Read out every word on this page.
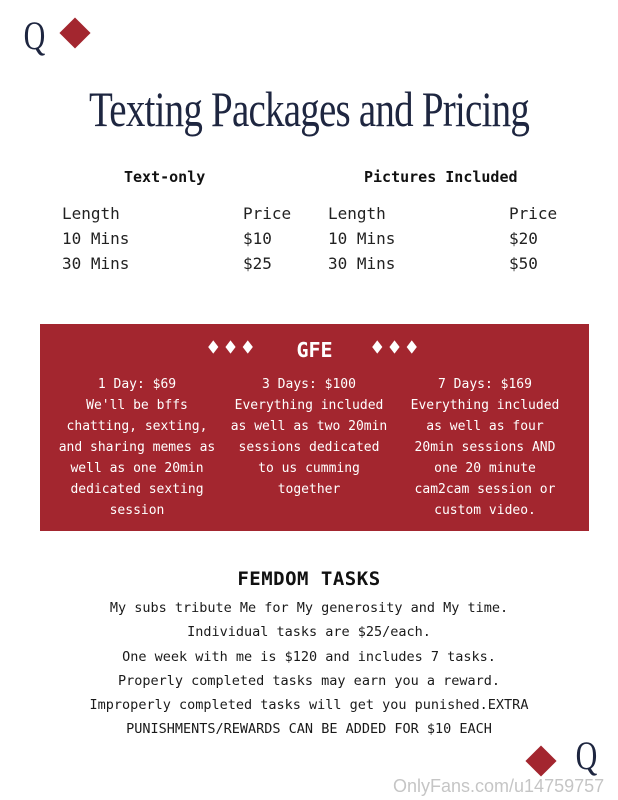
Q
Texting Packages and Pricing
Text-only
Length	Price
10 Mins	$10
30 Mins	$25
Pictures Included
Length	Price
10 Mins	$20
30 Mins	$50
♦♦♦ GFE ♦♦♦
1 Day: $69
We'll be bffs
chatting, sexting,
and sharing memes as
well as one 20min
dedicated sexting
session
3 Days: $100
Everything included
as well as two 20min
sessions dedicated
to us cumming
together
7 Days: $169
Everything included
as well as four
20min sessions AND
one 20 minute
cam2cam session or
custom video.
FEMDOM TASKS
My subs tribute Me for My generosity and My time.
Individual tasks are $25/each.
One week with me is $120 and includes 7 tasks.
Properly completed tasks may earn you a reward.
Improperly completed tasks will get you punished.EXTRA
PUNISHMENTS/REWARDS CAN BE ADDED FOR $10 EACH
Q
OnlyFans.com/u14759757
